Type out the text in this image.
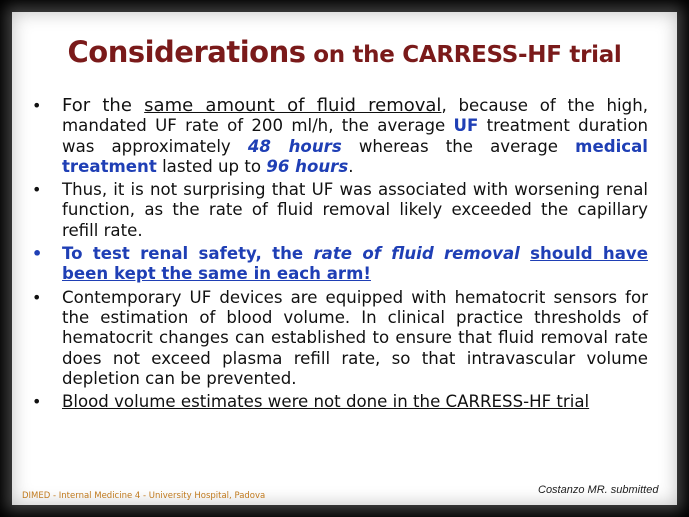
Considerations on the CARRESS-HF trial
• For the same amount of fluid removal, because of the high, mandated UF rate of 200 ml/h, the average UF treatment duration was approximately 48 hours whereas the average medical treatment lasted up to 96 hours.
• Thus, it is not surprising that UF was associated with worsening renal function, as the rate of fluid removal likely exceeded the capillary refill rate.
• To test renal safety, the rate of fluid removal should have been kept the same in each arm!
• Contemporary UF devices are equipped with hematocrit sensors for the estimation of blood volume. In clinical practice thresholds of hematocrit changes can established to ensure that fluid removal rate does not exceed plasma refill rate, so that intravascular volume depletion can be prevented.
• Blood volume estimates were not done in the CARRESS-HF trial
DIMED - Internal Medicine 4 - University Hospital, Padova	Costanzo MR. submitted
